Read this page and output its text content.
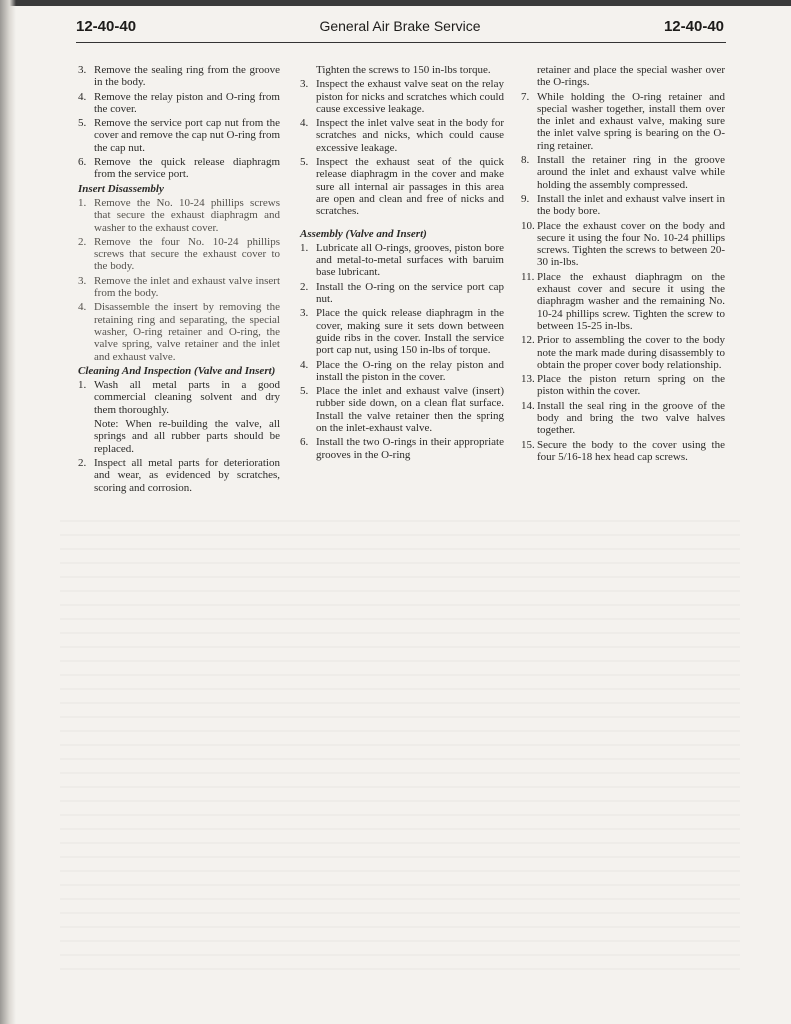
12-40-40	General Air Brake Service	12-40-40
3. Remove the sealing ring from the groove in the body.
4. Remove the relay piston and O-ring from the cover.
5. Remove the service port cap nut from the cover and remove the cap nut O-ring from the cap nut.
6. Remove the quick release diaphragm from the service port.
Insert Disassembly
1. Remove the No. 10-24 phillips screws that secure the exhaust diaphragm and washer to the exhaust cover.
2. Remove the four No. 10-24 phillips screws that secure the exhaust cover to the body.
3. Remove the inlet and exhaust valve insert from the body.
4. Disassemble the insert by removing the retaining ring and separating, the special washer, O-ring retainer and O-ring, the valve spring, valve retainer and the inlet and exhaust valve.
Cleaning And Inspection (Valve and Insert)
1. Wash all metal parts in a good commercial cleaning solvent and dry them thoroughly.
Note: When re-building the valve, all springs and all rubber parts should be replaced.
2. Inspect all metal parts for deterioration and wear, as evidenced by scratches, scoring and corrosion.
Tighten the screws to 150 in-lbs torque.
3. Inspect the exhaust valve seat on the relay piston for nicks and scratches which could cause excessive leakage.
4. Inspect the inlet valve seat in the body for scratches and nicks, which could cause excessive leakage.
5. Inspect the exhaust seat of the quick release diaphragm in the cover and make sure all internal air passages in this area are open and clean and free of nicks and scratches.
Assembly (Valve and Insert)
1. Lubricate all O-rings, grooves, piston bore and metal-to-metal surfaces with baruim base lubricant.
2. Install the O-ring on the service port cap nut.
3. Place the quick release diaphragm in the cover, making sure it sets down between guide ribs in the cover. Install the service port cap nut, using 150 in-lbs of torque.
4. Place the O-ring on the relay piston and install the piston in the cover.
5. Place the inlet and exhaust valve (insert) rubber side down, on a clean flat surface. Install the valve retainer then the spring on the inlet-exhaust valve.
6. Install the two O-rings in their appropriate grooves in the O-ring
retainer and place the special washer over the O-rings.
7. While holding the O-ring retainer and special washer together, install them over the inlet and exhaust valve, making sure the inlet valve spring is bearing on the O-ring retainer.
8. Install the retainer ring in the groove around the inlet and exhaust valve while holding the assembly compressed.
9. Install the inlet and exhaust valve insert in the body bore.
10. Place the exhaust cover on the body and secure it using the four No. 10-24 phillips screws. Tighten the screws to between 20-30 in-lbs.
11. Place the exhaust diaphragm on the exhaust cover and secure it using the diaphragm washer and the remaining No. 10-24 phillips screw. Tighten the screw to between 15-25 in-lbs.
12. Prior to assembling the cover to the body note the mark made during disassembly to obtain the proper cover body relationship.
13. Place the piston return spring on the piston within the cover.
14. Install the seal ring in the groove of the body and bring the two valve halves together.
15. Secure the body to the cover using the four 5/16-18 hex head cap screws.
